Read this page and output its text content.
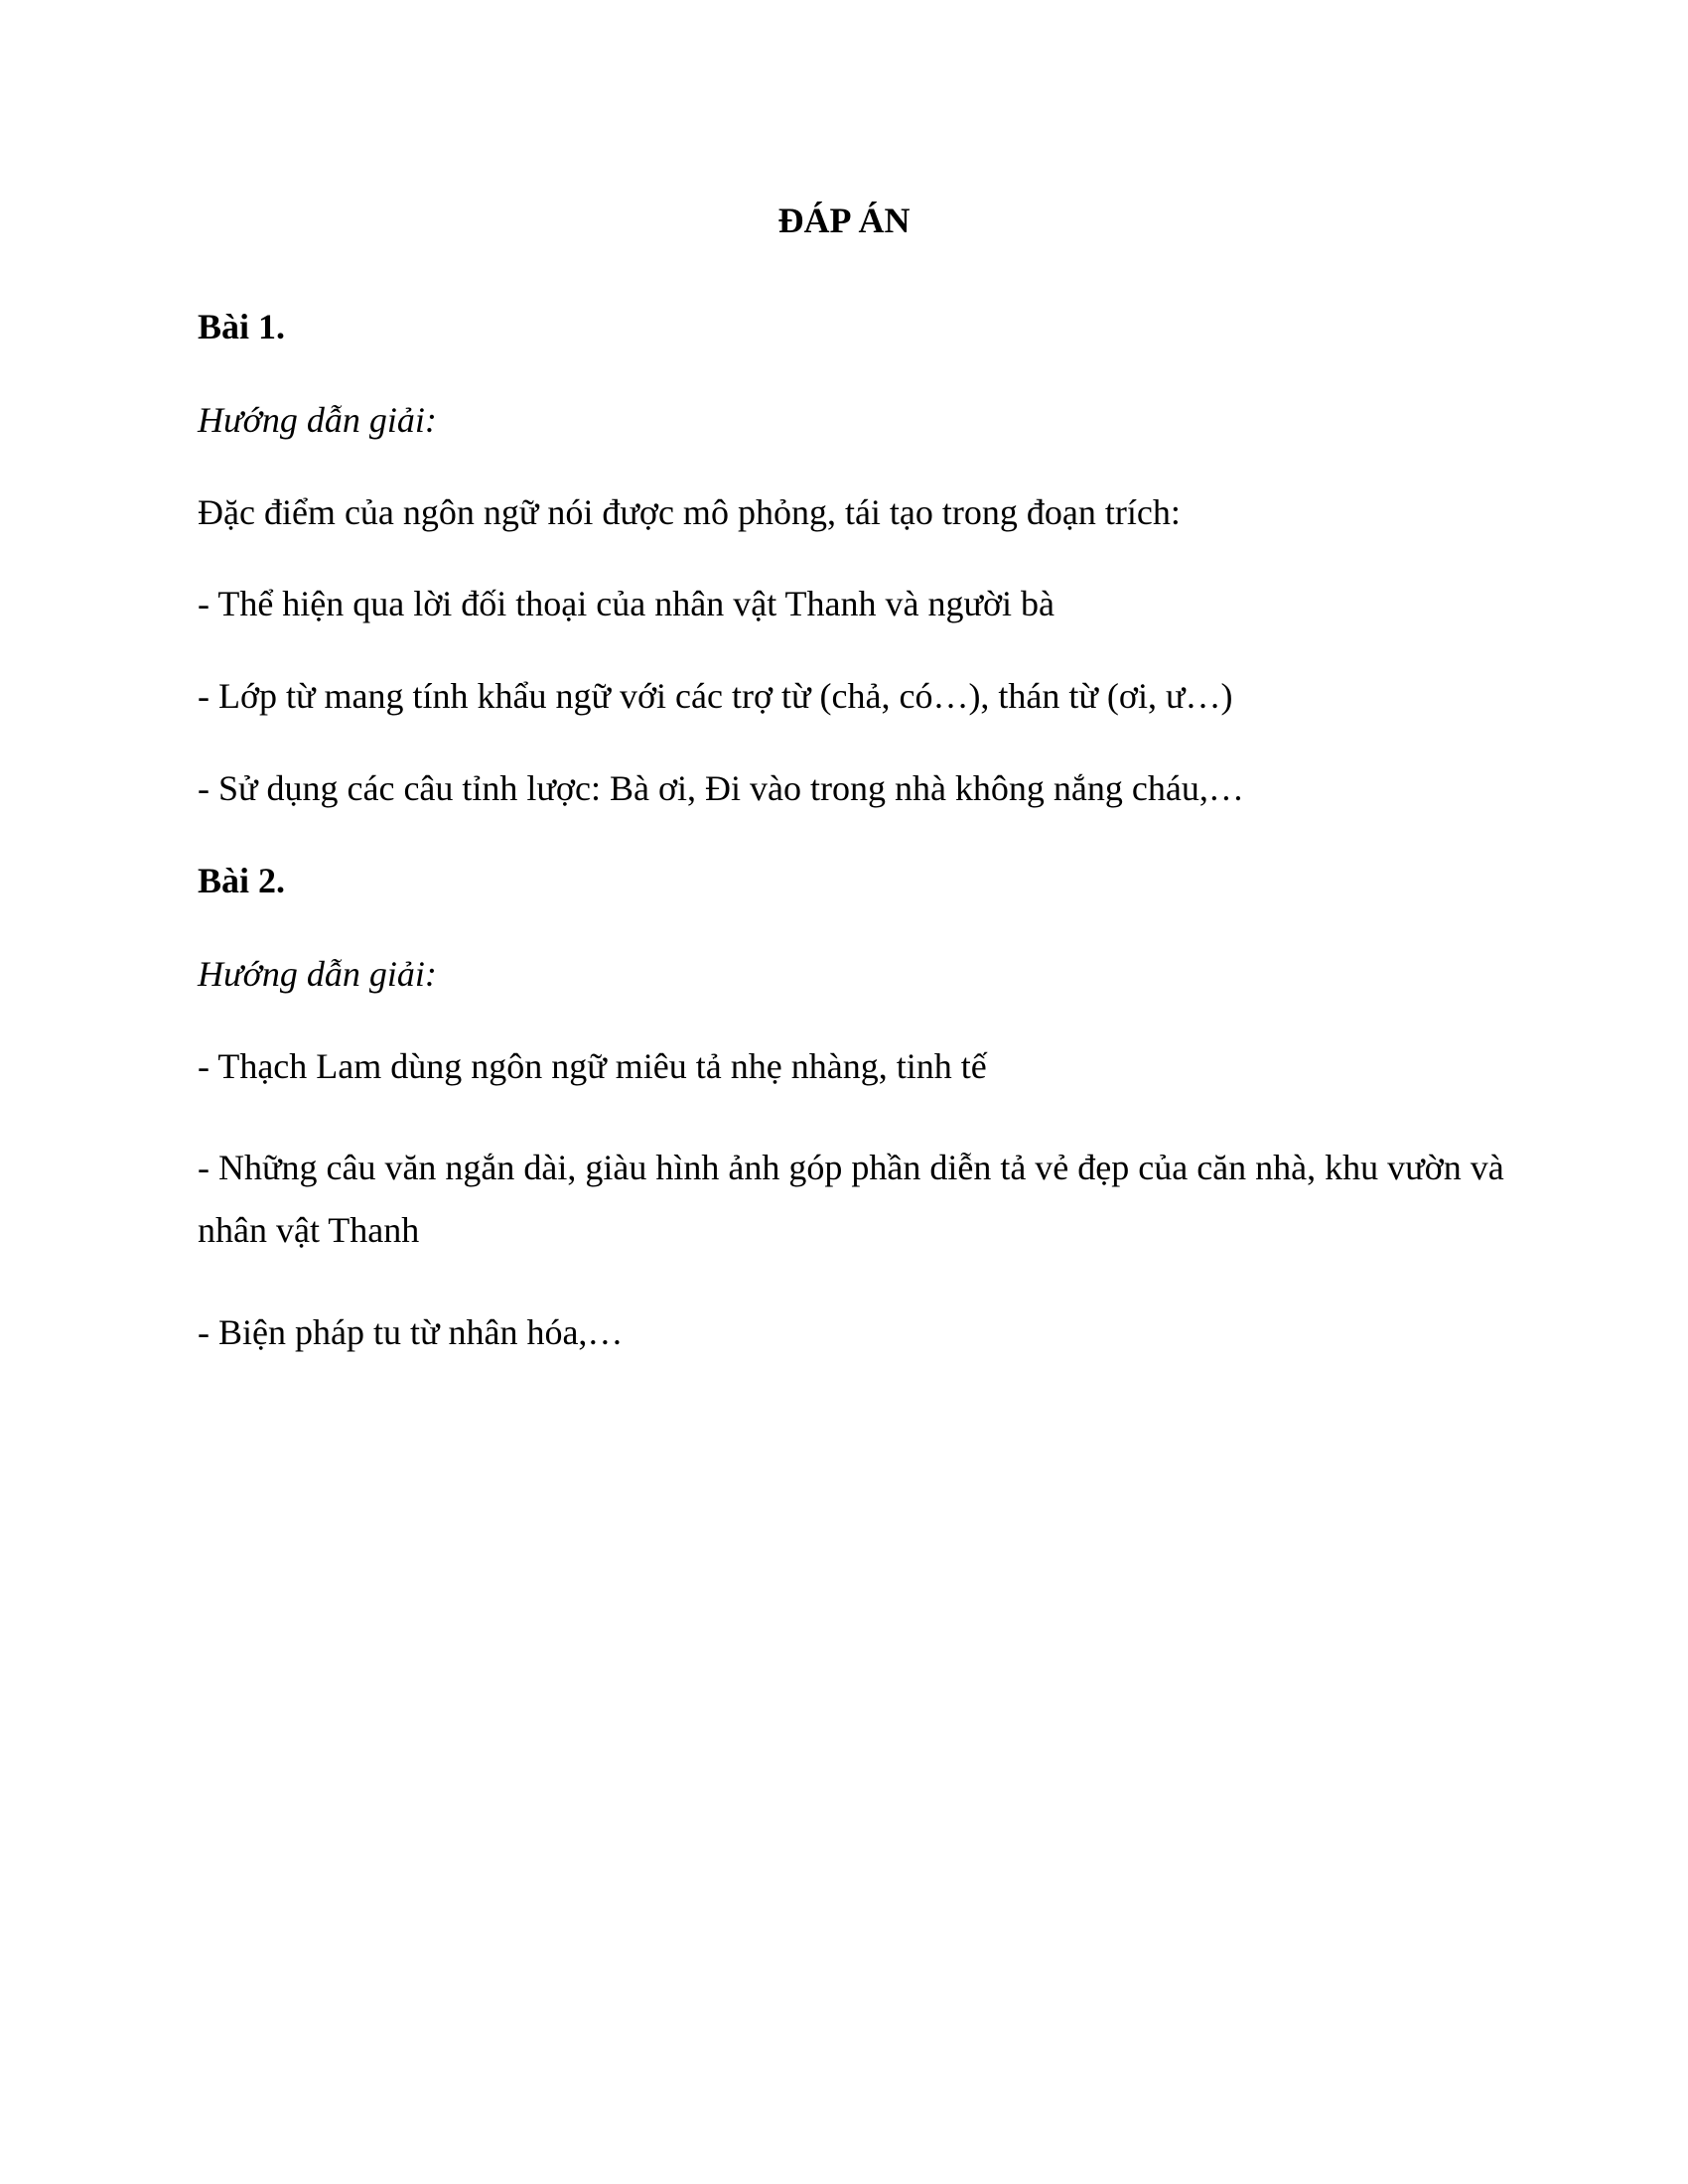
ĐÁP ÁN

Bài 1.

Hướng dẫn giải:

Đặc điểm của ngôn ngữ nói được mô phỏng, tái tạo trong đoạn trích:

- Thể hiện qua lời đối thoại của nhân vật Thanh và người bà

- Lớp từ mang tính khẩu ngữ với các trợ từ (chả, có…), thán từ (ơi, ư…)

- Sử dụng các câu tỉnh lược: Bà ơi, Đi vào trong nhà không nắng cháu,…

Bài 2.

Hướng dẫn giải:

- Thạch Lam dùng ngôn ngữ miêu tả nhẹ nhàng, tinh tế

- Những câu văn ngắn dài, giàu hình ảnh góp phần diễn tả vẻ đẹp của căn nhà, khu vườn và nhân vật Thanh

- Biện pháp tu từ nhân hóa,…
